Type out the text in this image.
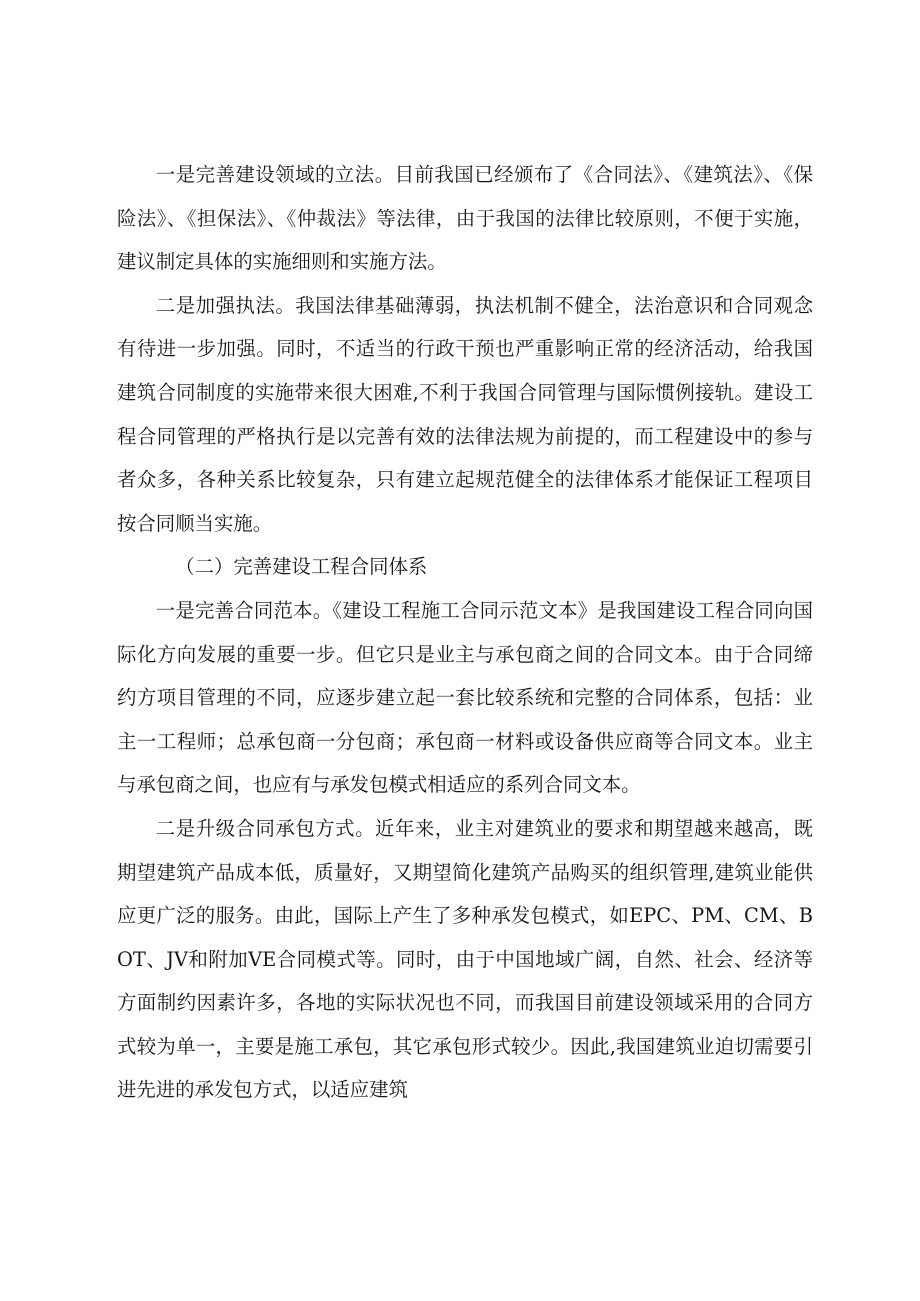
一是完善建设领域的立法。目前我国已经颁布了《合同法》、《建筑法》、《保险法》、《担保法》、《仲裁法》等法律，由于我国的法律比较原则，不便于实施，建议制定具体的实施细则和实施方法。

二是加强执法。我国法律基础薄弱，执法机制不健全，法治意识和合同观念有待进一步加强。同时，不适当的行政干预也严重影响正常的经济活动，给我国建筑合同制度的实施带来很大困难,不利于我国合同管理与国际惯例接轨。建设工程合同管理的严格执行是以完善有效的法律法规为前提的，而工程建设中的参与者众多，各种关系比较复杂，只有建立起规范健全的法律体系才能保证工程项目按合同顺当实施。

（二）完善建设工程合同体系

一是完善合同范本。《建设工程施工合同示范文本》是我国建设工程合同向国际化方向发展的重要一步。但它只是业主与承包商之间的合同文本。由于合同缔约方项目管理的不同，应逐步建立起一套比较系统和完整的合同体系，包括：业主一工程师；总承包商一分包商；承包商一材料或设备供应商等合同文本。业主与承包商之间，也应有与承发包模式相适应的系列合同文本。

二是升级合同承包方式。近年来，业主对建筑业的要求和期望越来越高，既期望建筑产品成本低，质量好，又期望简化建筑产品购买的组织管理,建筑业能供应更广泛的服务。由此，国际上产生了多种承发包模式，如EPC、PM、CM、BOT、JV和附加VE合同模式等。同时，由于中国地域广阔，自然、社会、经济等方面制约因素许多，各地的实际状况也不同，而我国目前建设领域采用的合同方式较为单一，主要是施工承包，其它承包形式较少。因此,我国建筑业迫切需要引进先进的承发包方式，以适应建筑
